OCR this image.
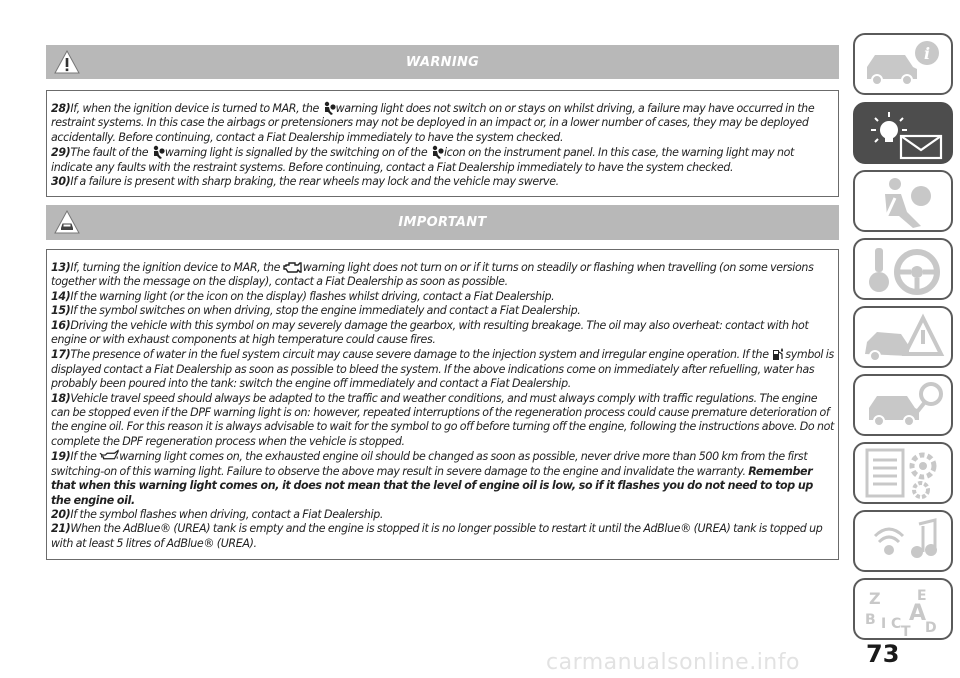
WARNING

28)If, when the ignition device is turned to MAR, the warning light does not switch on or stays on whilst driving, a failure may have occurred in the restraint systems. In this case the airbags or pretensioners may not be deployed in an impact or, in a lower number of cases, they may be deployed accidentally. Before continuing, contact a Fiat Dealership immediately to have the system checked.

29)The fault of the warning light is signalled by the switching on of the icon on the instrument panel. In this case, the warning light may not indicate any faults with the restraint systems. Before continuing, contact a Fiat Dealership immediately to have the system checked.

30)If a failure is present with sharp braking, the rear wheels may lock and the vehicle may swerve.

IMPORTANT

13)If, turning the ignition device to MAR, the warning light does not turn on or if it turns on steadily or flashing when travelling (on some versions together with the message on the display), contact a Fiat Dealership as soon as possible.

14)If the warning light (or the icon on the display) flashes whilst driving, contact a Fiat Dealership.

15)If the symbol switches on when driving, stop the engine immediately and contact a Fiat Dealership.

16)Driving the vehicle with this symbol on may severely damage the gearbox, with resulting breakage. The oil may also overheat: contact with hot engine or with exhaust components at high temperature could cause fires.

17)The presence of water in the fuel system circuit may cause severe damage to the injection system and irregular engine operation. If the symbol is displayed contact a Fiat Dealership as soon as possible to bleed the system. If the above indications come on immediately after refuelling, water has probably been poured into the tank: switch the engine off immediately and contact a Fiat Dealership.

18)Vehicle travel speed should always be adapted to the traffic and weather conditions, and must always comply with traffic regulations. The engine can be stopped even if the DPF warning light is on: however, repeated interruptions of the regeneration process could cause premature deterioration of the engine oil. For this reason it is always advisable to wait for the symbol to go off before turning off the engine, following the instructions above. Do not complete the DPF regeneration process when the vehicle is stopped.

19)If the warning light comes on, the exhausted engine oil should be changed as soon as possible, never drive more than 500 km from the first switching-on of this warning light. Failure to observe the above may result in severe damage to the engine and invalidate the warranty. Remember that when this warning light comes on, it does not mean that the level of engine oil is low, so if it flashes you do not need to top up the engine oil.

20)If the symbol flashes when driving, contact a Fiat Dealership.

21)When the AdBlue® (UREA) tank is empty and the engine is stopped it is no longer possible to restart it until the AdBlue® (UREA) tank is topped up with at least 5 litres of AdBlue® (UREA).

i
Z	E
B A
I C D
T
carmanualsonline.info	73
